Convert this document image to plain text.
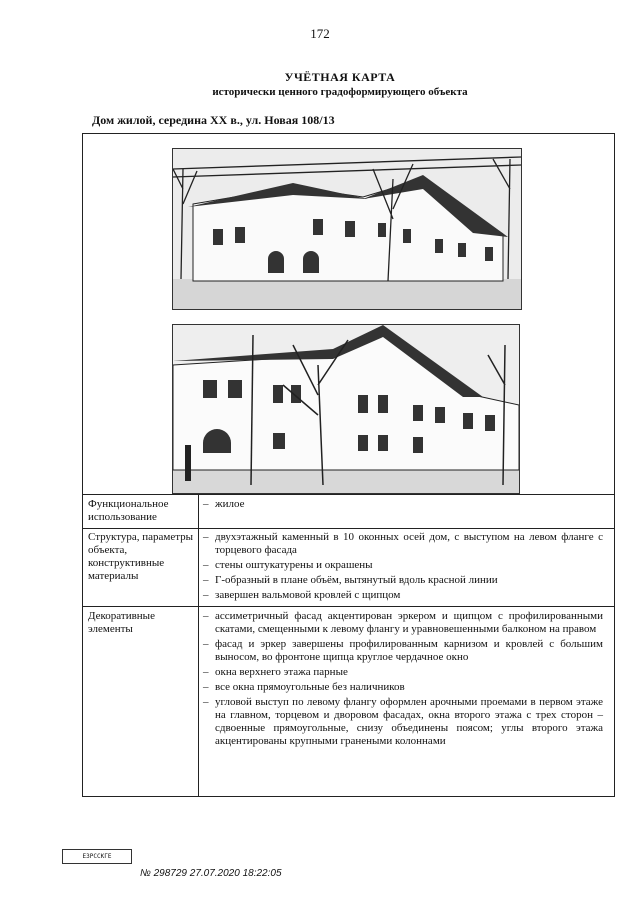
172
УЧЁТНАЯ КАРТА
исторически ценного градоформирующего объекта
Дом жилой, середина XX в., ул. Новая 108/13
Функциональное использование
– жилое
Структура, параметры объекта, конструктивные материалы
– двухэтажный каменный в 10 оконных осей дом, с выступом на левом фланге с торцевого фасада
– стены оштукатурены и окрашены
– Г-образный в плане объём, вытянутый вдоль красной линии
– завершен вальмовой кровлей с щипцом
Декоративные элементы
– ассиметричный фасад акцентирован эркером и щипцом с профилированными скатами, смещенными к левому флангу и уравновешенными балконом на правом
– фасад и эркер завершены профилированным карнизом и кровлей с большим выносом, во фронтоне щипца круглое чердачное окно
– окна верхнего этажа парные
– все окна прямоугольные без наличников
– угловой выступ по левому флангу оформлен арочными проемами в первом этаже на главном, торцевом и дворовом фасадах, окна второго этажа с трех сторон – сдвоенные прямоугольные, снизу объединены поясом; углы второго этажа акцентированы крупными гранеными колоннами
ЕЗРССКГЕ
№ 298729 27.07.2020 18:22:05
